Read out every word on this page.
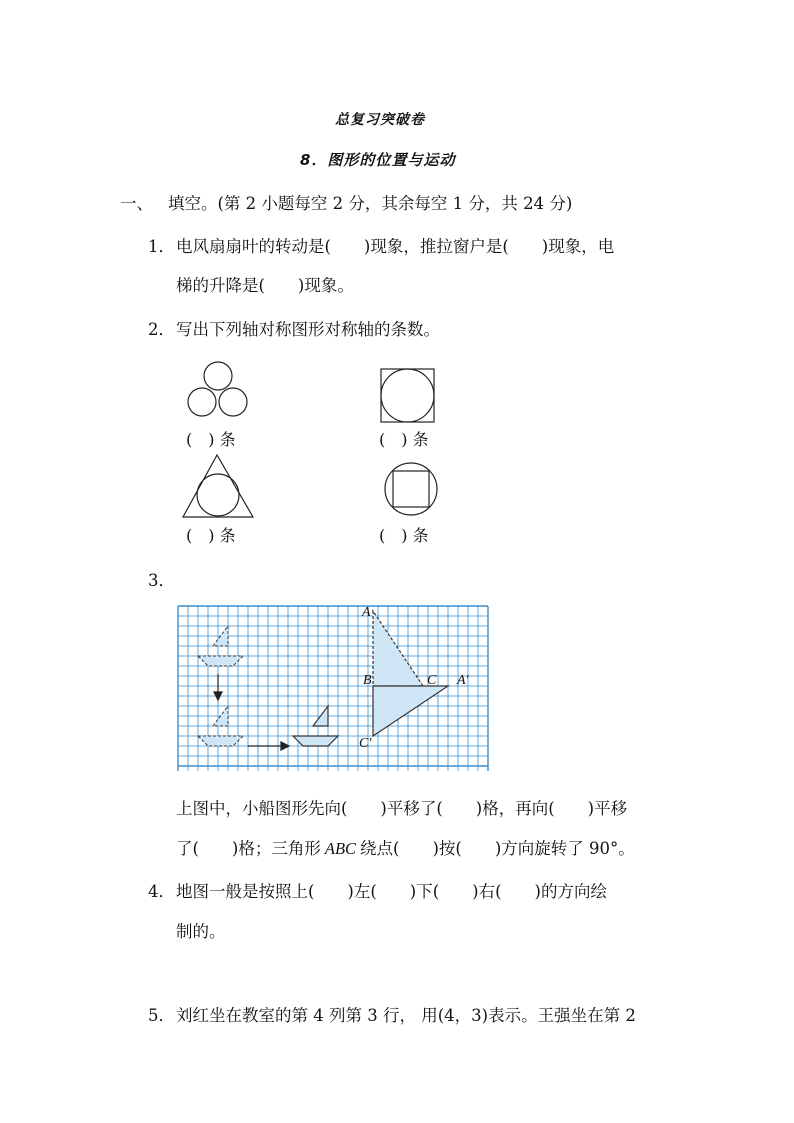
总复习突破卷
8．图形的位置与运动
一、 填空。(第 2 小题每空 2 分，其余每空 1 分，共 24 分)
1． 电风扇扇叶的转动是(　　)现象，推拉窗户是(　　)现象，电
梯的升降是(　　)现象。
2． 写出下列轴对称图形对称轴的条数。
(　) 条	(　) 条
(　) 条	(　) 条
3．
A
B	C A′
C′
上图中，小船图形先向(　　)平移了(　　)格，再向(　　)平移
了(　　)格；三角形 ABC 绕点(　　)按(　　)方向旋转了 90°。
4． 地图一般是按照上(　　)左(　　)下(　　)右(　　)的方向绘
制的。
5． 刘红坐在教室的第 4 列第 3 行， 用(4，3)表示。王强坐在第 2
